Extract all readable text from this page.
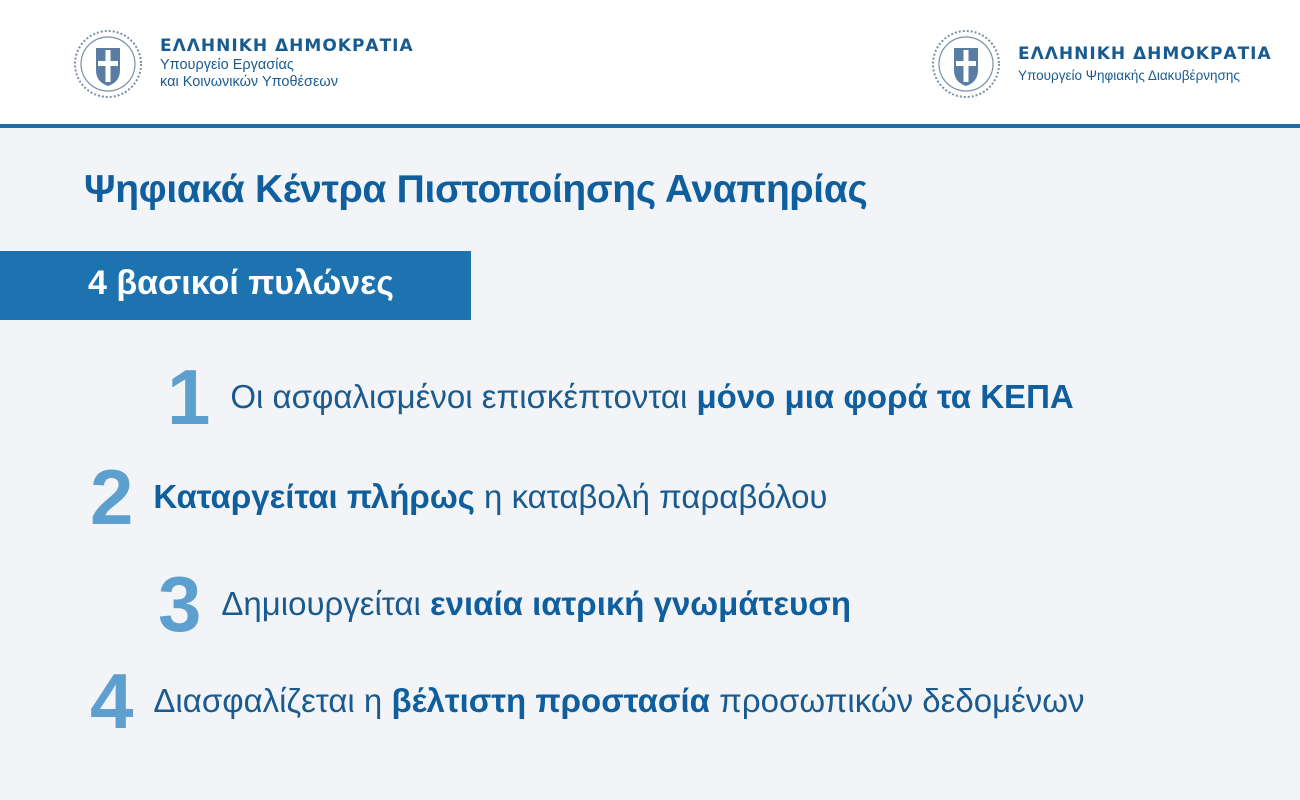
ΕΛΛΗΝΙΚΗ ΔΗΜΟΚΡΑΤΙΑ
Υπουργείο Εργασίας
και Κοινωνικών Υποθέσεων
ΕΛΛΗΝΙΚΗ ΔΗΜΟΚΡΑΤΙΑ
Υπουργείο Ψηφιακής Διακυβέρνησης
Ψηφιακά Κέντρα Πιστοποίησης Αναπηρίας
4 βασικοί πυλώνες
1 Οι ασφαλισμένοι επισκέπτονται μόνο μια φορά τα ΚΕΠΑ
2 Καταργείται πλήρως η καταβολή παραβόλου
3 Δημιουργείται ενιαία ιατρική γνωμάτευση
4 Διασφαλίζεται η βέλτιστη προστασία προσωπικών δεδομένων
